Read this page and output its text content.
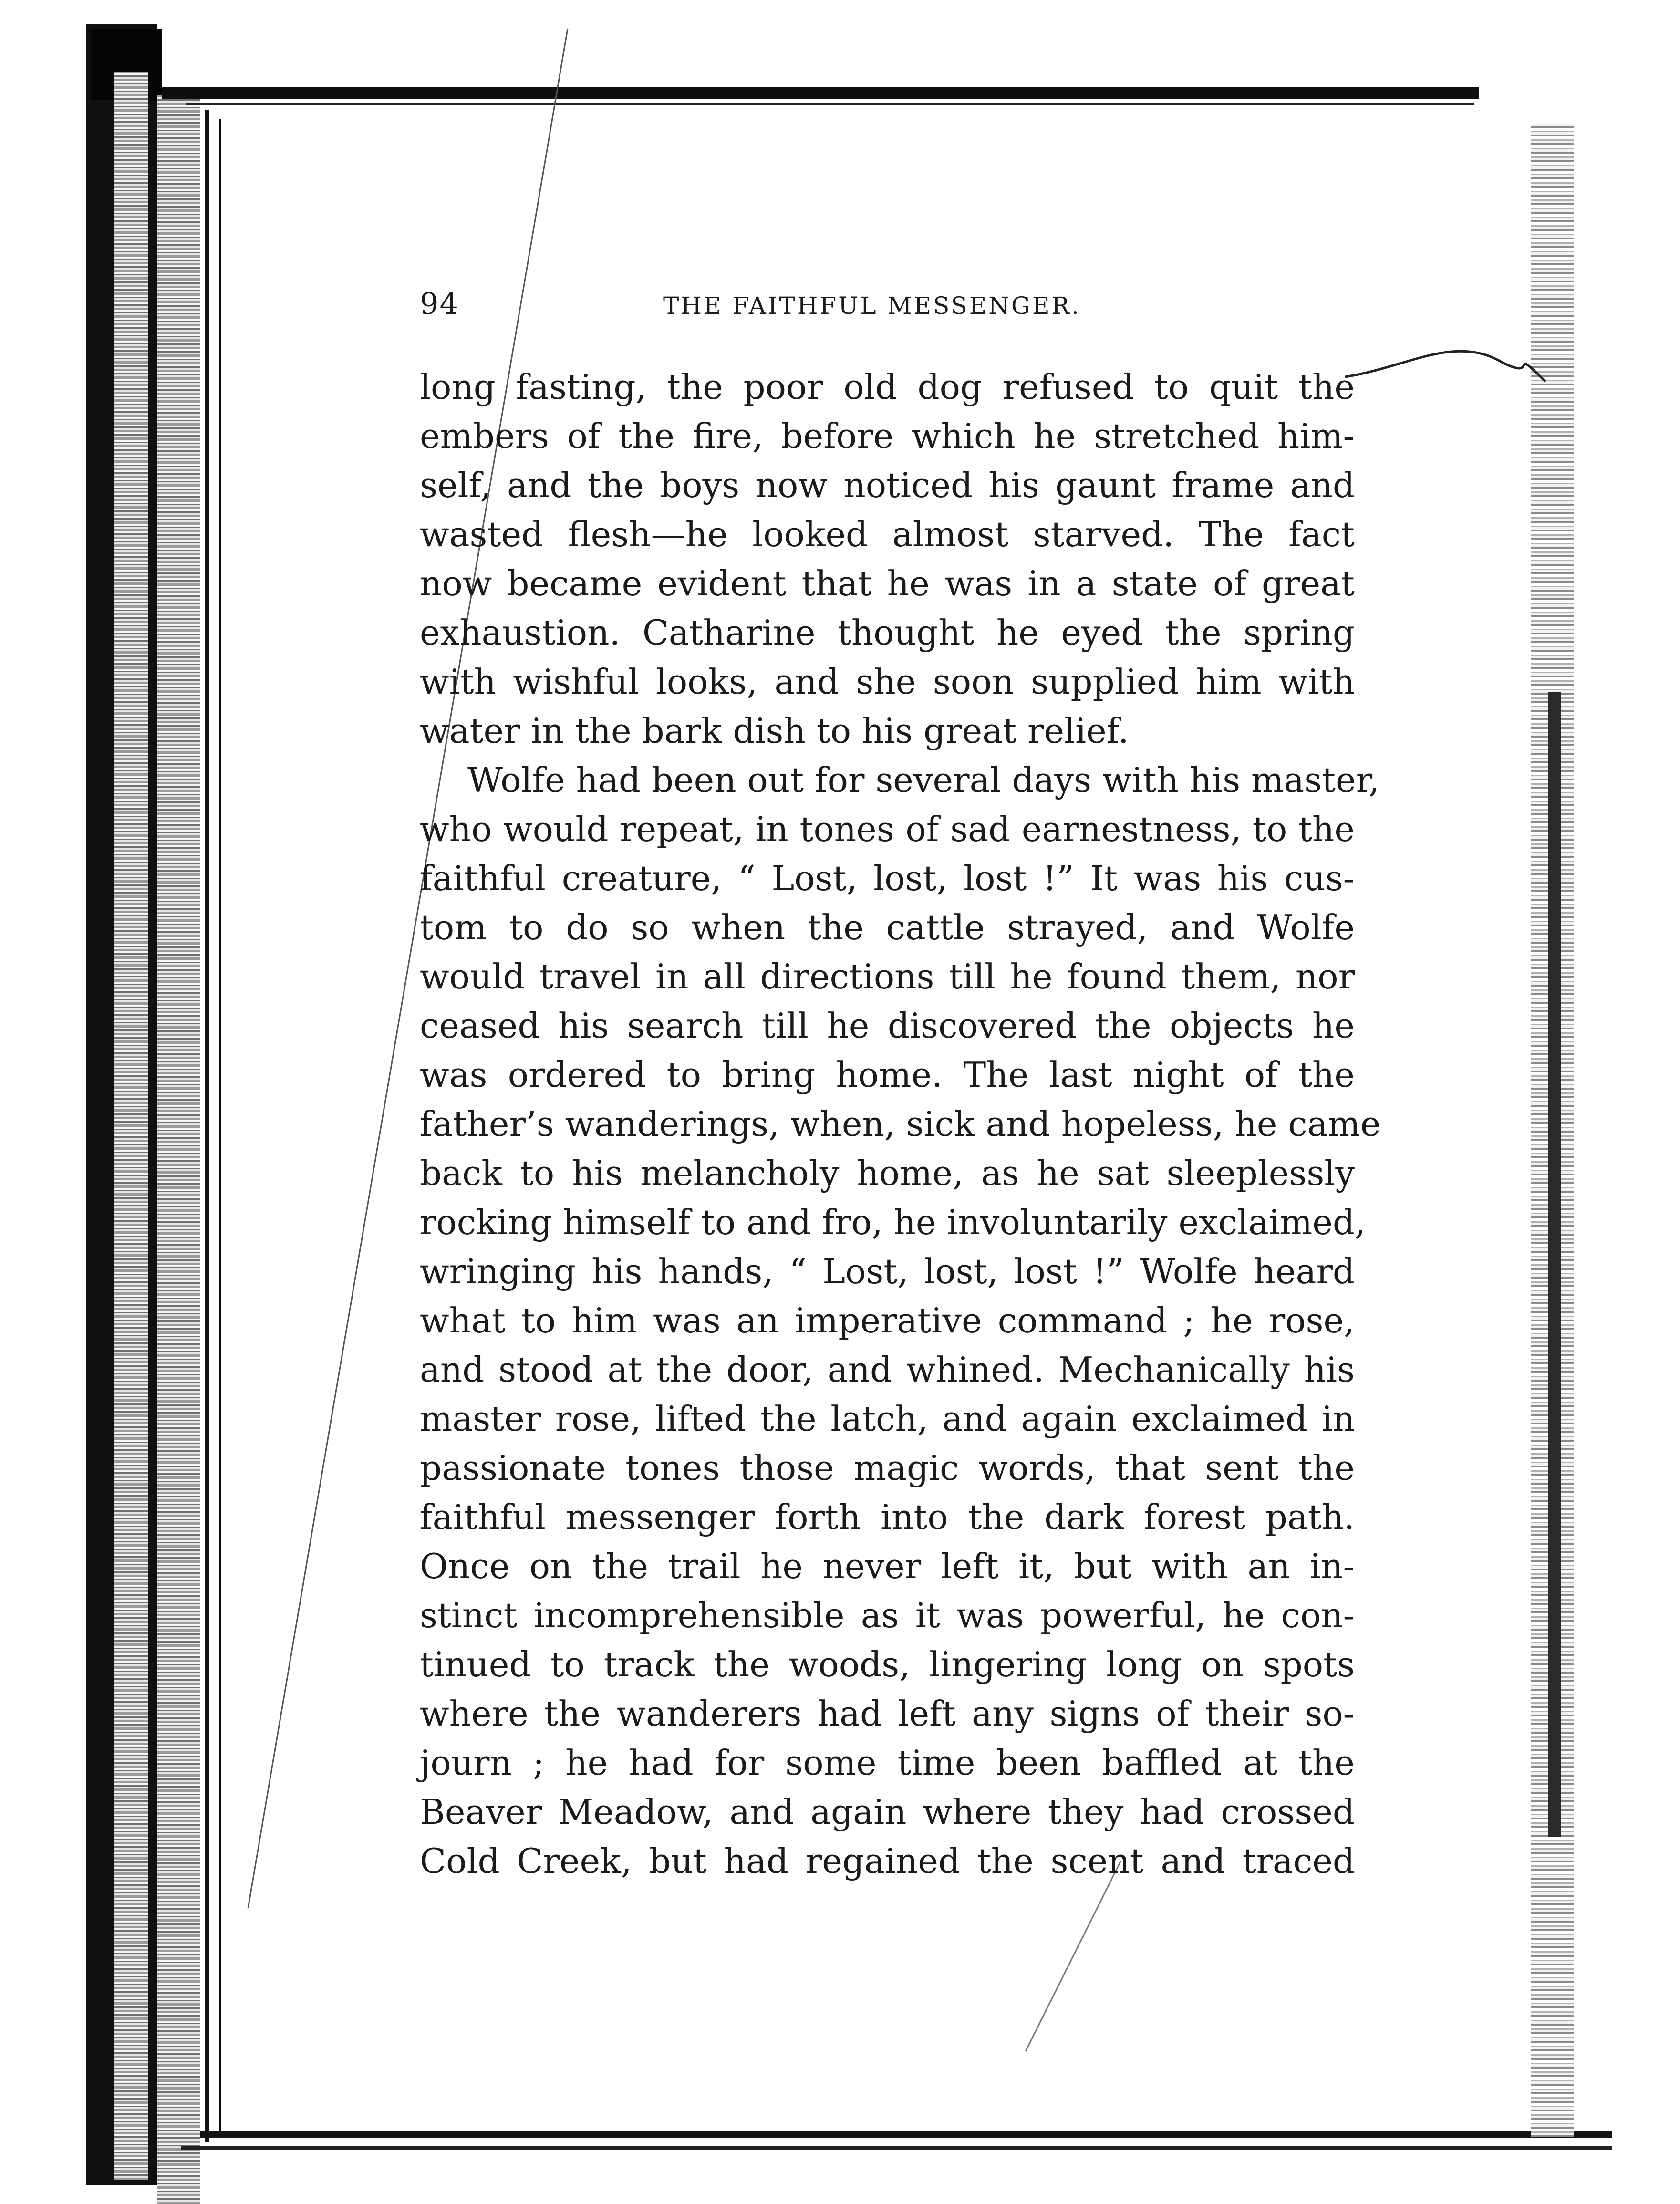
94	THE FAITHFUL MESSENGER.
long fasting, the poor old dog refused to quit the
embers of the fire, before which he stretched him-
self, and the boys now noticed his gaunt frame and
wasted flesh—he looked almost starved. The fact
now became evident that he was in a state of great
exhaustion. Catharine thought he eyed the spring
with wishful looks, and she soon supplied him with
water in the bark dish to his great relief.
Wolfe had been out for several days with his master,
who would repeat, in tones of sad earnestness, to the
faithful creature, “ Lost, lost, lost !” It was his cus-
tom to do so when the cattle strayed, and Wolfe
would travel in all directions till he found them, nor
ceased his search till he discovered the objects he
was ordered to bring home. The last night of the
father’s wanderings, when, sick and hopeless, he came
back to his melancholy home, as he sat sleeplessly
rocking himself to and fro, he involuntarily exclaimed,
wringing his hands, “ Lost, lost, lost !” Wolfe heard
what to him was an imperative command ; he rose,
and stood at the door, and whined. Mechanically his
master rose, lifted the latch, and again exclaimed in
passionate tones those magic words, that sent the
faithful messenger forth into the dark forest path.
Once on the trail he never left it, but with an in-
stinct incomprehensible as it was powerful, he con-
tinued to track the woods, lingering long on spots
where the wanderers had left any signs of their so-
journ ; he had for some time been baffled at the
Beaver Meadow, and again where they had crossed
Cold Creek, but had regained the scent and traced
